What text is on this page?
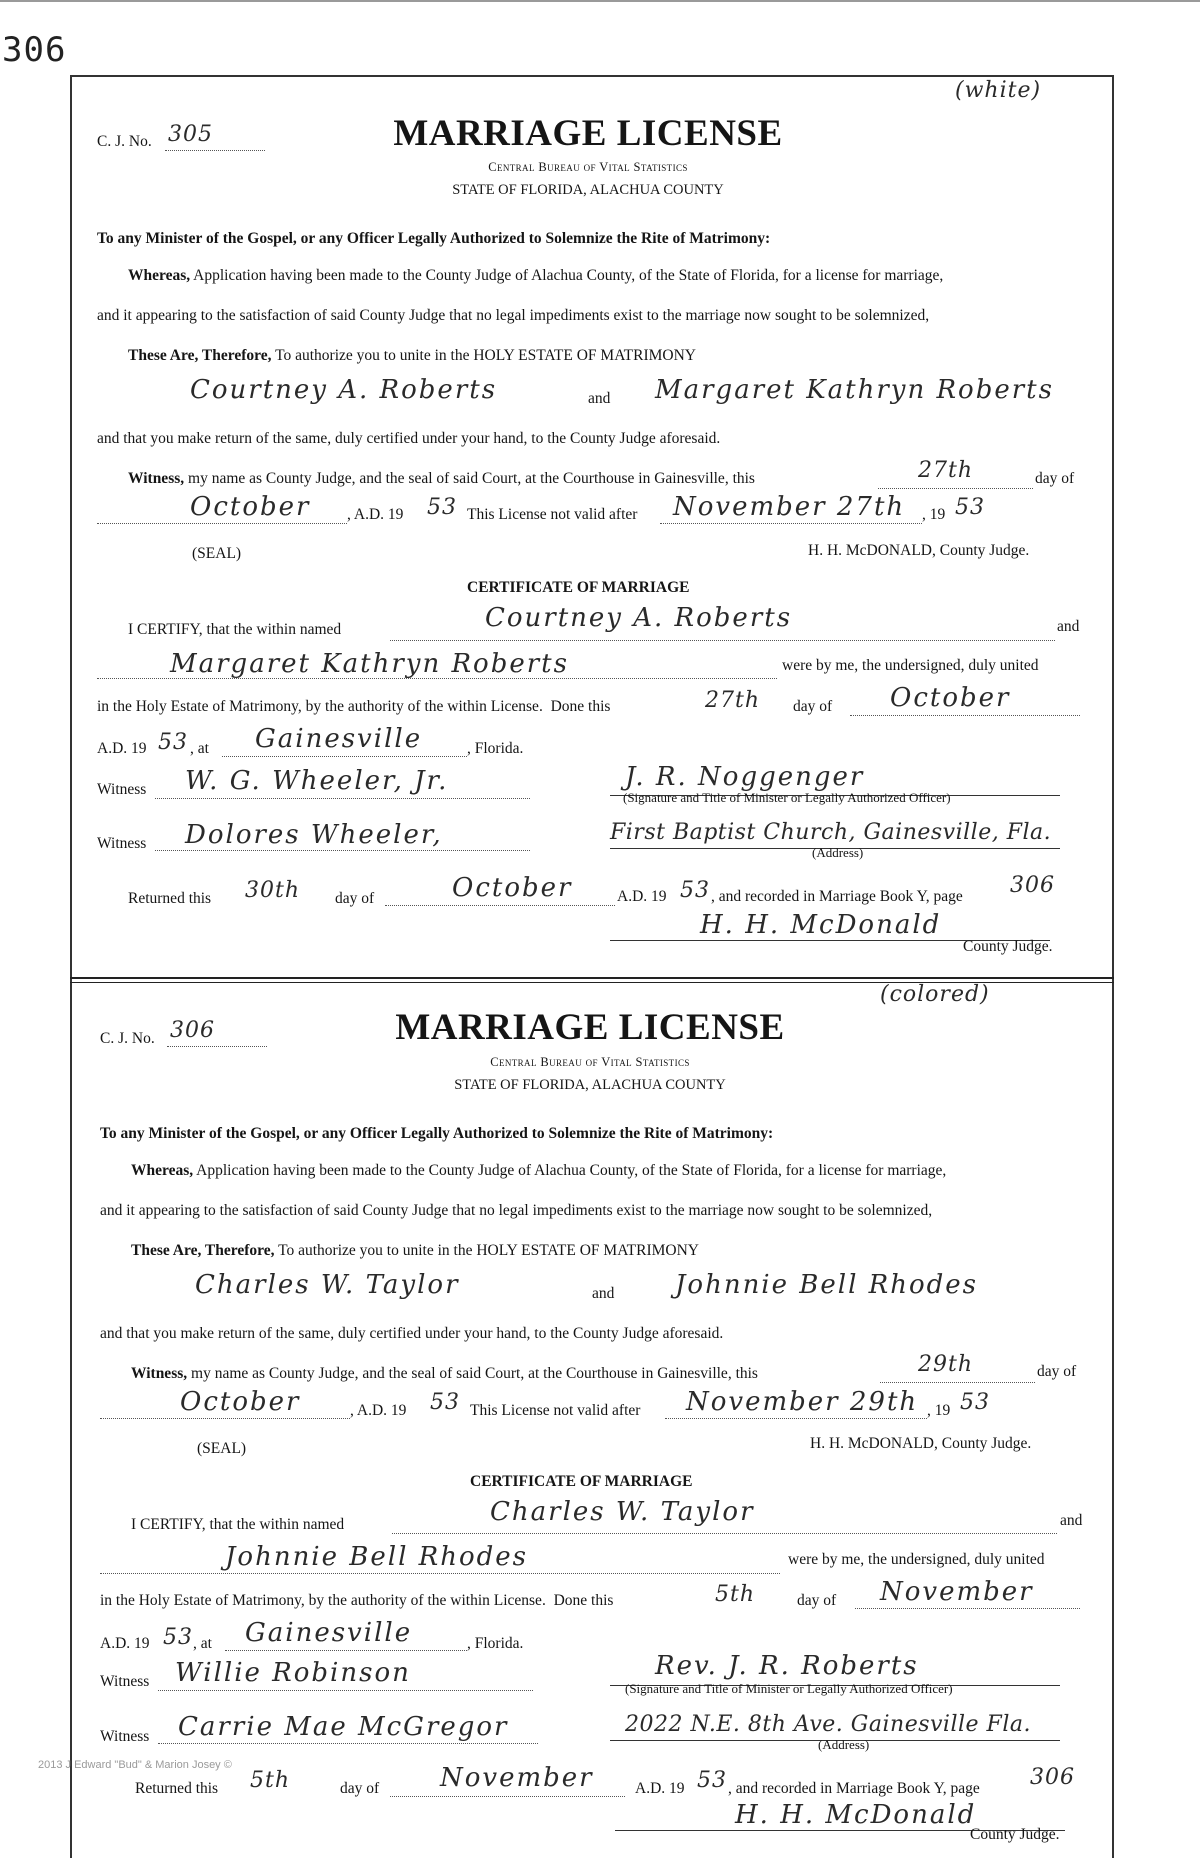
306
(white)
C. J. No. 305	MARRIAGE LICENSE
Central Bureau of Vital Statistics
STATE OF FLORIDA, ALACHUA COUNTY
To any Minister of the Gospel, or any Officer Legally Authorized to Solemnize the Rite of Matrimony:
Whereas, Application having been made to the County Judge of Alachua County, of the State of Florida, for a license for marriage,
and it appearing to the satisfaction of said County Judge that no legal impediments exist to the marriage now sought to be solemnized,
These Are, Therefore, To authorize you to unite in the HOLY ESTATE OF MATRIMONY
Courtney A. Roberts	and Margaret Kathryn Roberts
and that you make return of the same, duly certified under your hand, to the County Judge aforesaid.
Witness, my name as County Judge, and the seal of said Court, at the Courthouse in Gainesville, this	27th	day of
October , A.D. 19 53 This License not valid after November 27th , 19 53
(SEAL)	H. H. McDONALD, County Judge.
CERTIFICATE OF MARRIAGE
I CERTIFY, that the within named	Courtney A. Roberts	and
Margaret Kathryn Roberts	were by me, the undersigned, duly united
in the Holy Estate of Matrimony, by the authority of the within License. Done this	27th day of October
A.D. 19 53 , at Gainesville	, Florida.
Witness W. G. Wheeler, Jr.	J. R. Noggenger
(Signature and Title of Minister or Legally Authorized Officer)
Witness Dolores Wheeler,	First Baptist Church, Gainesville, Fla.
(Address)
Returned this 30th day of	October	A.D. 19 53 , and recorded in Marriage Book Y, page 306
H. H. McDonald
County Judge.
(colored)
C. J. No. 306	MARRIAGE LICENSE
Central Bureau of Vital Statistics
STATE OF FLORIDA, ALACHUA COUNTY
To any Minister of the Gospel, or any Officer Legally Authorized to Solemnize the Rite of Matrimony:
Whereas, Application having been made to the County Judge of Alachua County, of the State of Florida, for a license for marriage,
and it appearing to the satisfaction of said County Judge that no legal impediments exist to the marriage now sought to be solemnized,
These Are, Therefore, To authorize you to unite in the HOLY ESTATE OF MATRIMONY
Charles W. Taylor	and Johnnie Bell Rhodes
and that you make return of the same, duly certified under your hand, to the County Judge aforesaid.
Witness, my name as County Judge, and the seal of said Court, at the Courthouse in Gainesville, this	29th	day of
October	, A.D. 19 53 This License not valid after November 29th , 19 53
(SEAL)	H. H. McDONALD, County Judge.
CERTIFICATE OF MARRIAGE
I CERTIFY, that the within named	Charles W. Taylor	and
Johnnie Bell Rhodes	were by me, the undersigned, duly united
in the Holy Estate of Matrimony, by the authority of the within License. Done this	5th	day of November
A.D. 19 53 , at Gainesville	, Florida.
Witness Willie Robinson	Rev. J. R. Roberts
(Signature and Title of Minister or Legally Authorized Officer)
Witness Carrie Mae McGregor	2022 N.E. 8th Ave. Gainesville Fla.
(Address)
Returned this 5th	day of November	A.D. 19 53 , and recorded in Marriage Book Y, page 306
H. H. McDonald
County Judge.
2013 J Edward "Bud" & Marion Josey ©
